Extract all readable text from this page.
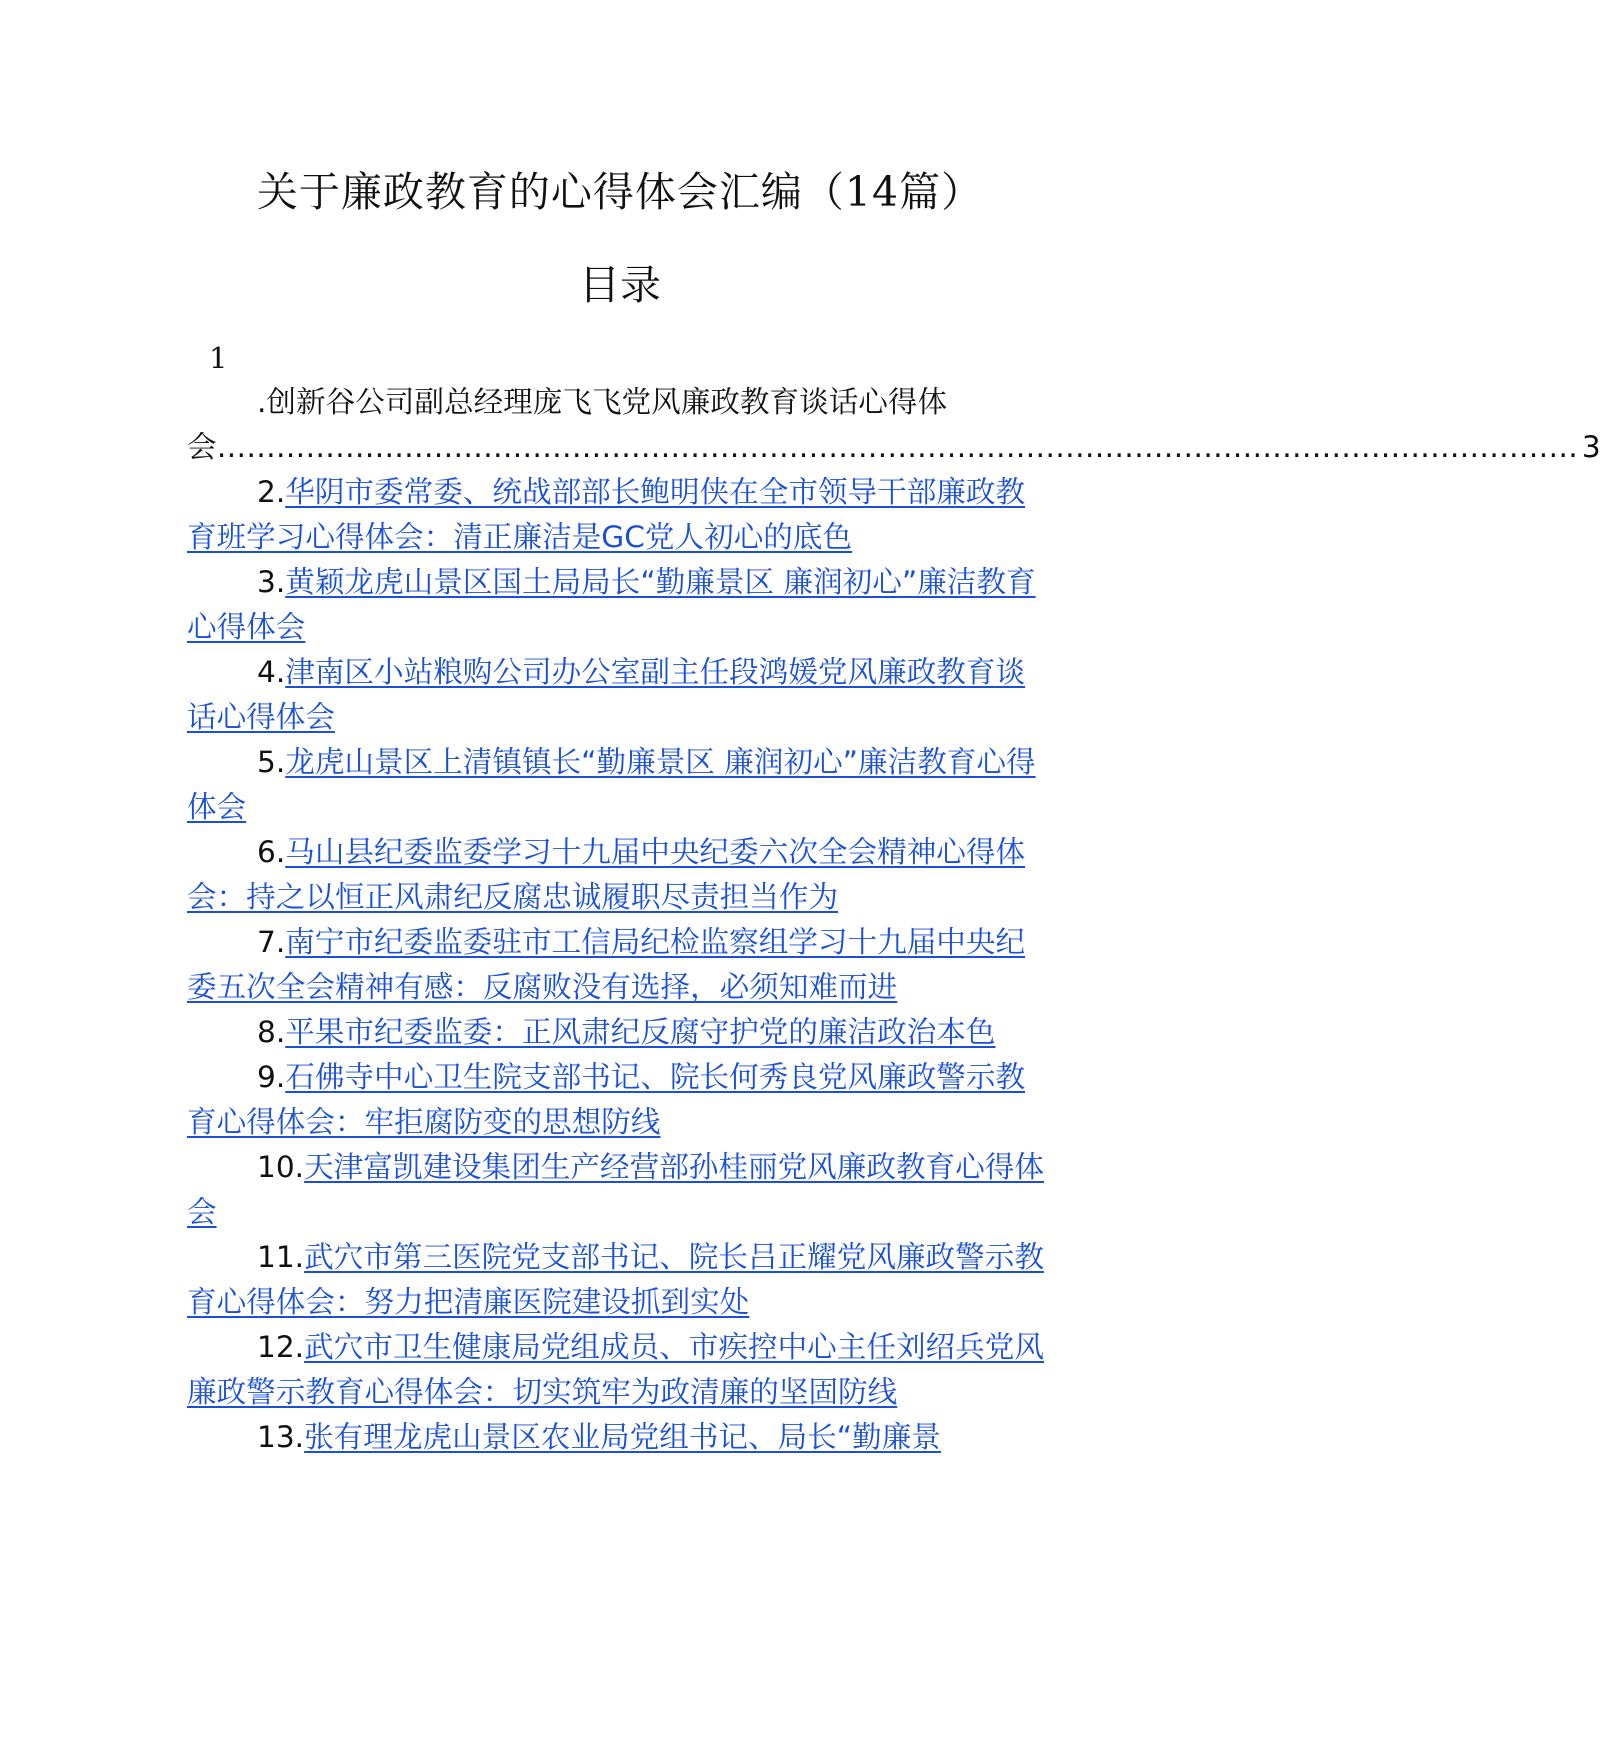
关于廉政教育的心得体会汇编（14篇）
目录
1

.创新谷公司副总经理庞飞飞党风廉政教育谈话心得体

会 ………………………………………………………………………………………………………………………… 3

2.华阴市委常委、统战部部长鲍明侠在全市领导干部廉政教育班学习心得体会：清正廉洁是GC党人初心的底色

3.黄颖龙虎山景区国土局局长“勤廉景区 廉润初心”廉洁教育心得体会

4.津南区小站粮购公司办公室副主任段鸿媛党风廉政教育谈话心得体会

5.龙虎山景区上清镇镇长“勤廉景区 廉润初心”廉洁教育心得体会

6.马山县纪委监委学习十九届中央纪委六次全会精神心得体会：持之以恒正风肃纪反腐忠诚履职尽责担当作为

7.南宁市纪委监委驻市工信局纪检监察组学习十九届中央纪委五次全会精神有感：反腐败没有选择，必须知难而进

8.平果市纪委监委：正风肃纪反腐守护党的廉洁政治本色

9.石佛寺中心卫生院支部书记、院长何秀良党风廉政警示教育心得体会：牢拒腐防变的思想防线

10.天津富凯建设集团生产经营部孙桂丽党风廉政教育心得体会

11.武穴市第三医院党支部书记、院长吕正耀党风廉政警示教育心得体会：努力把清廉医院建设抓到实处

12.武穴市卫生健康局党组成员、市疾控中心主任刘绍兵党风廉政警示教育心得体会：切实筑牢为政清廉的坚固防线

13.张有理龙虎山景区农业局党组书记、局长“勤廉景
